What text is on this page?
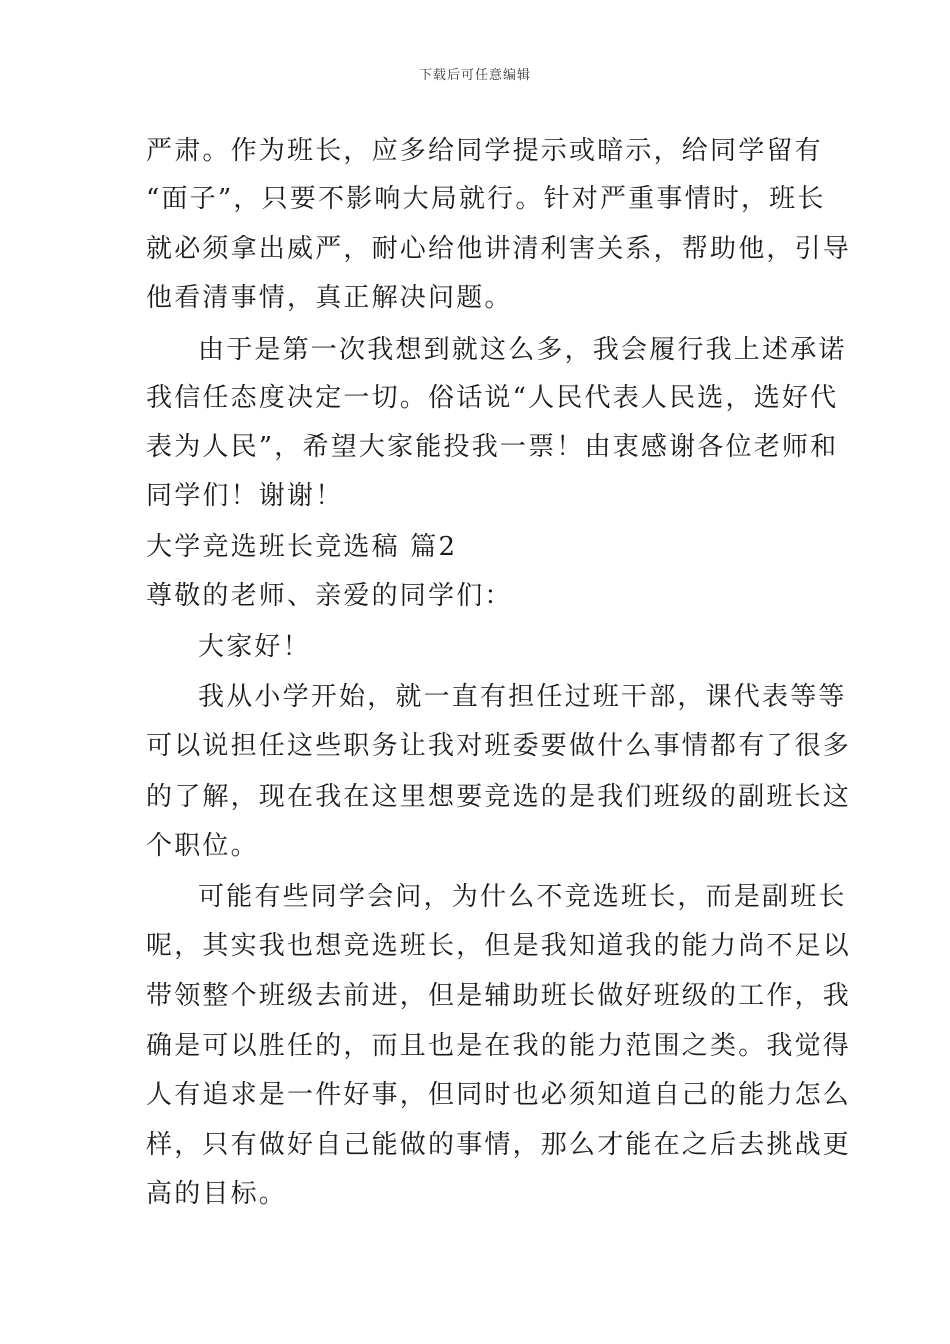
下载后可任意编辑
严肃。作为班长，应多给同学提示或暗示，给同学留有
“面子”，只要不影响大局就行。针对严重事情时，班长
就必须拿出威严，耐心给他讲清利害关系，帮助他，引导
他看清事情，真正解决问题。
由于是第一次我想到就这么多，我会履行我上述承诺
我信任态度决定一切。俗话说“人民代表人民选，选好代
表为人民”，希望大家能投我一票！由衷感谢各位老师和
同学们！谢谢！
大学竞选班长竞选稿 篇2
尊敬的老师、亲爱的同学们：
大家好！
我从小学开始，就一直有担任过班干部，课代表等等
可以说担任这些职务让我对班委要做什么事情都有了很多
的了解，现在我在这里想要竞选的是我们班级的副班长这
个职位。
可能有些同学会问，为什么不竞选班长，而是副班长
呢，其实我也想竞选班长，但是我知道我的能力尚不足以
带领整个班级去前进，但是辅助班长做好班级的工作，我
确是可以胜任的，而且也是在我的能力范围之类。我觉得
人有追求是一件好事，但同时也必须知道自己的能力怎么
样，只有做好自己能做的事情，那么才能在之后去挑战更
高的目标。
